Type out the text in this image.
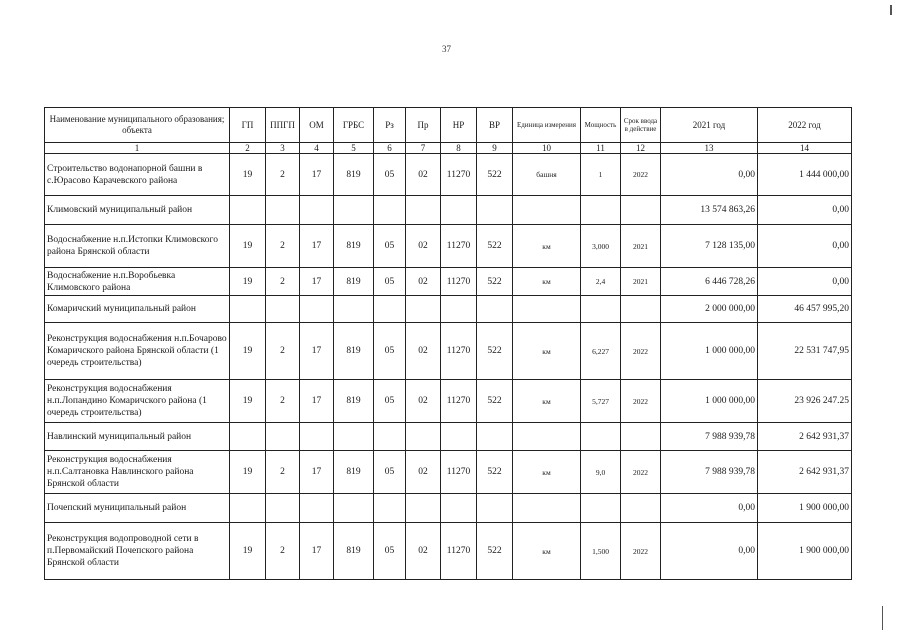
37
Наименование муниципального образования; объекта	ГП	ППГП	ОМ	ГРБС	Рз	Пр	НР	ВР	Единица измерения	Мощность	Срок ввода в действие	2021 год	2022 год
1	2	3	4	5	6	7	8	9	10	11	12	13	14
Строительство водонапорной башни в с.Юрасово Карачевского района	19	2	17	819	05	02	11270	522	башня	1	2022	0,00	1 444 000,00
Климовский муниципальный район												13 574 863,26	0,00
Водоснабжение н.п.Истопки Климовского района Брянской области	19	2	17	819	05	02	11270	522	км	3,000	2021	7 128 135,00	0,00
Водоснабжение н.п.Воробьевка Климовского района	19	2	17	819	05	02	11270	522	км	2,4	2021	6 446 728,26	0,00
Комаричский муниципальный район												2 000 000,00	46 457 995,20
Реконструкция водоснабжения н.п.Бочарово Комаричского района Брянской области (1 очередь строительства)	19	2	17	819	05	02	11270	522	км	6,227	2022	1 000 000,00	22 531 747,95
Реконструкция водоснабжения н.п.Лопандино Комаричского района (1 очередь строительства)	19	2	17	819	05	02	11270	522	км	5,727	2022	1 000 000,00	23 926 247.25
Навлинский муниципальный район												7 988 939,78	2 642 931,37
Реконструкция водоснабжения н.п.Салтановка Навлинского района Брянской области	19	2	17	819	05	02	11270	522	км	9,0	2022	7 988 939,78	2 642 931,37
Почепский муниципальный район												0,00	1 900 000,00
Реконструкция водопроводной сети в п.Первомайский Почепского района Брянской области	19	2	17	819	05	02	11270	522	км	1,500	2022	0,00	1 900 000,00
